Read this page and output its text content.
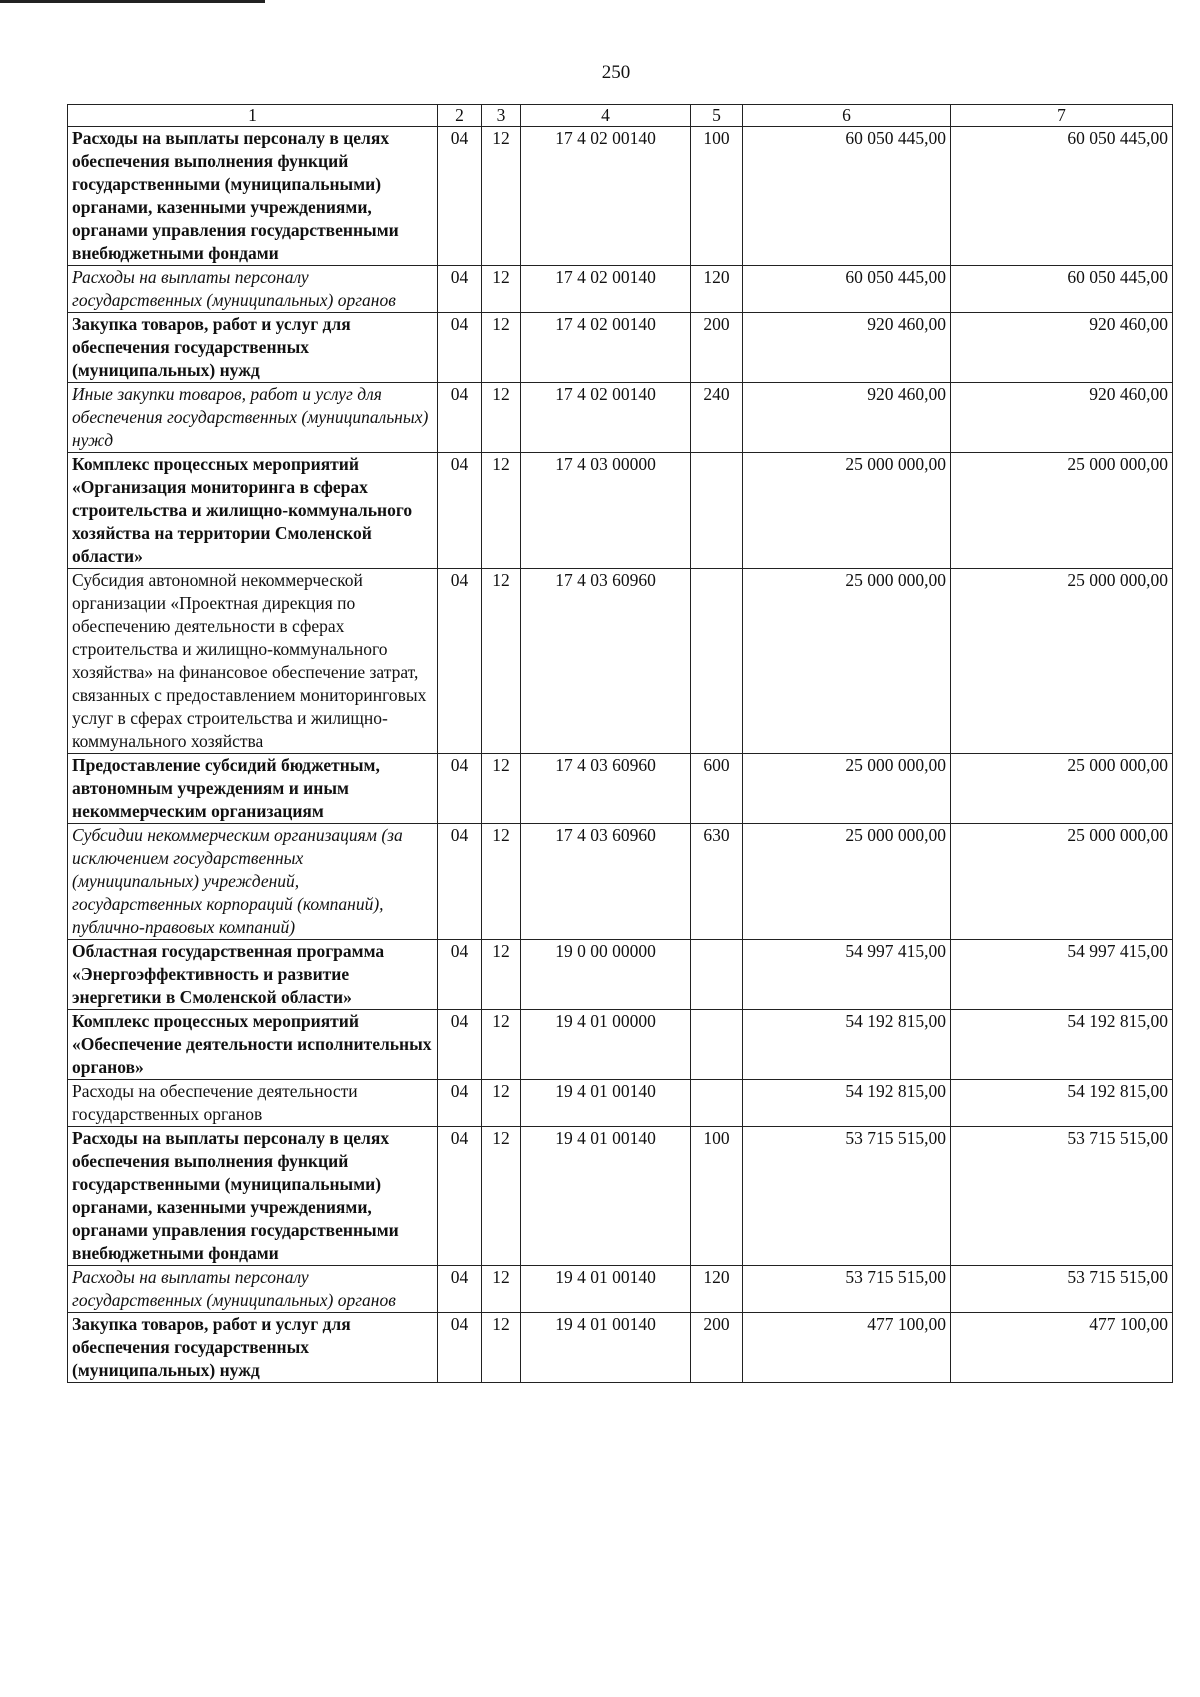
250
1	2	3	4	5	6	7
Расходы на выплаты персоналу в целях обеспечения выполнения функций государственными (муниципальными) органами, казенными учреждениями, органами управления государственными внебюджетными фондами	04	12	17 4 02 00140	100	60 050 445,00	60 050 445,00
Расходы на выплаты персоналу государственных (муниципальных) органов	04	12	17 4 02 00140	120	60 050 445,00	60 050 445,00
Закупка товаров, работ и услуг для обеспечения государственных (муниципальных) нужд	04	12	17 4 02 00140	200	920 460,00	920 460,00
Иные закупки товаров, работ и услуг для обеспечения государственных (муниципальных) нужд	04	12	17 4 02 00140	240	920 460,00	920 460,00
Комплекс процессных мероприятий «Организация мониторинга в сферах строительства и жилищно-коммунального хозяйства на территории Смоленской области»	04	12	17 4 03 00000		25 000 000,00	25 000 000,00
Субсидия автономной некоммерческой организации «Проектная дирекция по обеспечению деятельности в сферах строительства и жилищно-коммунального хозяйства» на финансовое обеспечение затрат, связанных с предоставлением мониторинговых услуг в сферах строительства и жилищно-коммунального хозяйства	04	12	17 4 03 60960		25 000 000,00	25 000 000,00
Предоставление субсидий бюджетным, автономным учреждениям и иным некоммерческим организациям	04	12	17 4 03 60960	600	25 000 000,00	25 000 000,00
Субсидии некоммерческим организациям (за исключением государственных (муниципальных) учреждений, государственных корпораций (компаний), публично-правовых компаний)	04	12	17 4 03 60960	630	25 000 000,00	25 000 000,00
Областная государственная программа «Энергоэффективность и развитие энергетики в Смоленской области»	04	12	19 0 00 00000		54 997 415,00	54 997 415,00
Комплекс процессных мероприятий «Обеспечение деятельности исполнительных органов»	04	12	19 4 01 00000		54 192 815,00	54 192 815,00
Расходы на обеспечение деятельности государственных органов	04	12	19 4 01 00140		54 192 815,00	54 192 815,00
Расходы на выплаты персоналу в целях обеспечения выполнения функций государственными (муниципальными) органами, казенными учреждениями, органами управления государственными внебюджетными фондами	04	12	19 4 01 00140	100	53 715 515,00	53 715 515,00
Расходы на выплаты персоналу государственных (муниципальных) органов	04	12	19 4 01 00140	120	53 715 515,00	53 715 515,00
Закупка товаров, работ и услуг для обеспечения государственных (муниципальных) нужд	04	12	19 4 01 00140	200	477 100,00	477 100,00
